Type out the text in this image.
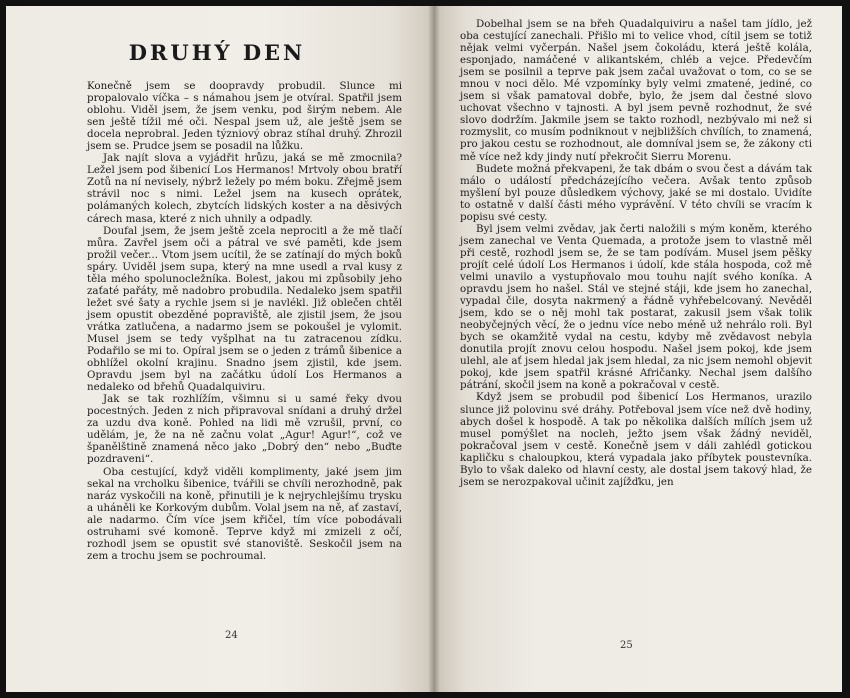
DRUHÝ DEN

Konečně jsem se doopravdy probudil. Slunce mi propalovalo víčka – s námahou jsem je otvíral. Spatřil jsem oblohu. Viděl jsem, že jsem venku, pod širým nebem. Ale sen ještě tížil mé oči. Nespal jsem už, ale ještě jsem se docela neprobral. Jeden týzniový obraz stíhal druhý. Zhrozil jsem se. Prudce jsem se posadil na lůžku.

Jak najít slova a vyjádřit hrůzu, jaká se mě zmocnila? Ležel jsem pod šibenicí Los Hermanos! Mrtvoly obou bratří Zotů na ní nevisely, nýbrž ležely po mém boku. Zřejmě jsem strávil noc s nimi. Ležel jsem na kusech oprátek, polámaných kolech, zbytcích lidských koster a na děsivých cárech masa, které z nich uhnily a odpadly.

Doufal jsem, že jsem ještě zcela neprocitl a že mě tlačí můra. Zavřel jsem oči a pátral ve své paměti, kde jsem prožil večer... Vtom jsem ucítil, že se zatínají do mých boků spáry. Uviděl jsem supa, který na mne usedl a rval kusy z těla mého spolunocležníka. Bolest, jakou mi způsobily jeho zaťaté pařáty, mě nadobro probudila. Nedaleko jsem spatřil ležet své šaty a rychle jsem si je navlékl. Již oblečen chtěl jsem opustit obezděné popraviště, ale zjistil jsem, že jsou vrátka zatlučena, a nadarmo jsem se pokoušel je vylomit. Musel jsem se tedy vyšplhat na tu zatracenou zídku. Podařilo se mi to. Opíral jsem se o jeden z trámů šibenice a obhlížel okolní krajinu. Snadno jsem zjistil, kde jsem. Opravdu jsem byl na začátku údolí Los Hermanos a nedaleko od břehů Quadalquiviru.

Jak se tak rozhlížím, všimnu si u samé řeky dvou pocestných. Jeden z nich připravoval snídani a druhý držel za uzdu dva koně. Pohled na lidi mě vzrušil, první, co udělám, je, že na ně začnu volat „Agur! Agur!“, což ve španělštině znamená něco jako „Dobrý den“ nebo „Buďte pozdraveni“.

Oba cestující, když viděli komplimenty, jaké jsem jim sekal na vrcholku šibenice, tvářili se chvíli nerozhodně, pak naráz vyskočili na koně, přinutili je k nejrychlejšímu trysku a uháněli ke Korkovým dubům. Volal jsem na ně, ať zastaví, ale nadarmo. Čím více jsem křičel, tím více pobodávali ostruhami své komoně. Teprve když mi zmizeli z očí, rozhodl jsem se opustit své stanoviště. Seskočil jsem na zem a trochu jsem se pochroumal.

24

Dobelhal jsem se na břeh Quadalquiviru a našel tam jídlo, jež oba cestující zanechali. Přišlo mi to velice vhod, cítil jsem se totiž nějak velmi vyčerpán. Našel jsem čokoládu, která ještě kolála, esponjado, namáčené v alikantském, chléb a vejce. Předevčím jsem se posilnil a teprve pak jsem začal uvažovat o tom, co se se mnou v noci dělo. Mé vzpomínky byly velmi zmatené, jediné, co jsem si však pamatoval dobře, bylo, že jsem dal čestné slovo uchovat všechno v tajnosti. A byl jsem pevně rozhodnut, že své slovo dodržím. Jakmile jsem se takto rozhodl, nezbývalo mi než si rozmyslit, co musím podniknout v nejbližších chvílích, to znamená, pro jakou cestu se rozhodnout, ale domníval jsem se, že zákony cti mě více než kdy jindy nutí překročit Sierru Morenu.

Budete možná překvapeni, že tak dbám o svou čest a dávám tak málo o událostí předcházejícího večera. Avšak tento způsob myšlení byl pouze důsledkem výchovy, jaké se mi dostalo. Uvidíte to ostatně v další části mého vyprávění. V této chvíli se vracím k popisu své cesty.

Byl jsem velmi zvědav, jak čerti naložili s mým koněm, kterého jsem zanechal ve Venta Quemada, a protože jsem to vlastně měl při cestě, rozhodl jsem se, že se tam podívám. Musel jsem pěšky projít celé údolí Los Hermanos i údolí, kde stála hospoda, což mě velmi unavilo a vystupňovalo mou touhu najít svého koníka. A opravdu jsem ho našel. Stál ve stejné stáji, kde jsem ho zanechal, vypadal čile, dosyta nakrmený a řádně vyhřebelcovaný. Nevěděl jsem, kdo se o něj mohl tak postarat, zakusil jsem však tolik neobyčejných věcí, že o jednu více nebo méně už nehrálo roli. Byl bych se okamžitě vydal na cestu, kdyby mě zvědavost nebyla donutila projít znovu celou hospodu. Našel jsem pokoj, kde jsem ulehl, ale ať jsem hledal jak jsem hledal, za nic jsem nemohl objevit pokoj, kde jsem spatřil krásné Afričanky. Nechal jsem dalšího pátrání, skočil jsem na koně a pokračoval v cestě.

Když jsem se probudil pod šibenicí Los Hermanos, urazilo slunce již polovinu své dráhy. Potřeboval jsem více než dvě hodiny, abych došel k hospodě. A tak po několika dalších mílích jsem už musel pomýšlet na nocleh, ježto jsem však žádný neviděl, pokračoval jsem v cestě. Konečně jsem v dáli zahlédl gotickou kapličku s chaloupkou, která vypadala jako příbytek poustevníka. Bylo to však daleko od hlavní cesty, ale dostal jsem takový hlad, že jsem se nerozpakoval učinit zajížďku, jen

25
